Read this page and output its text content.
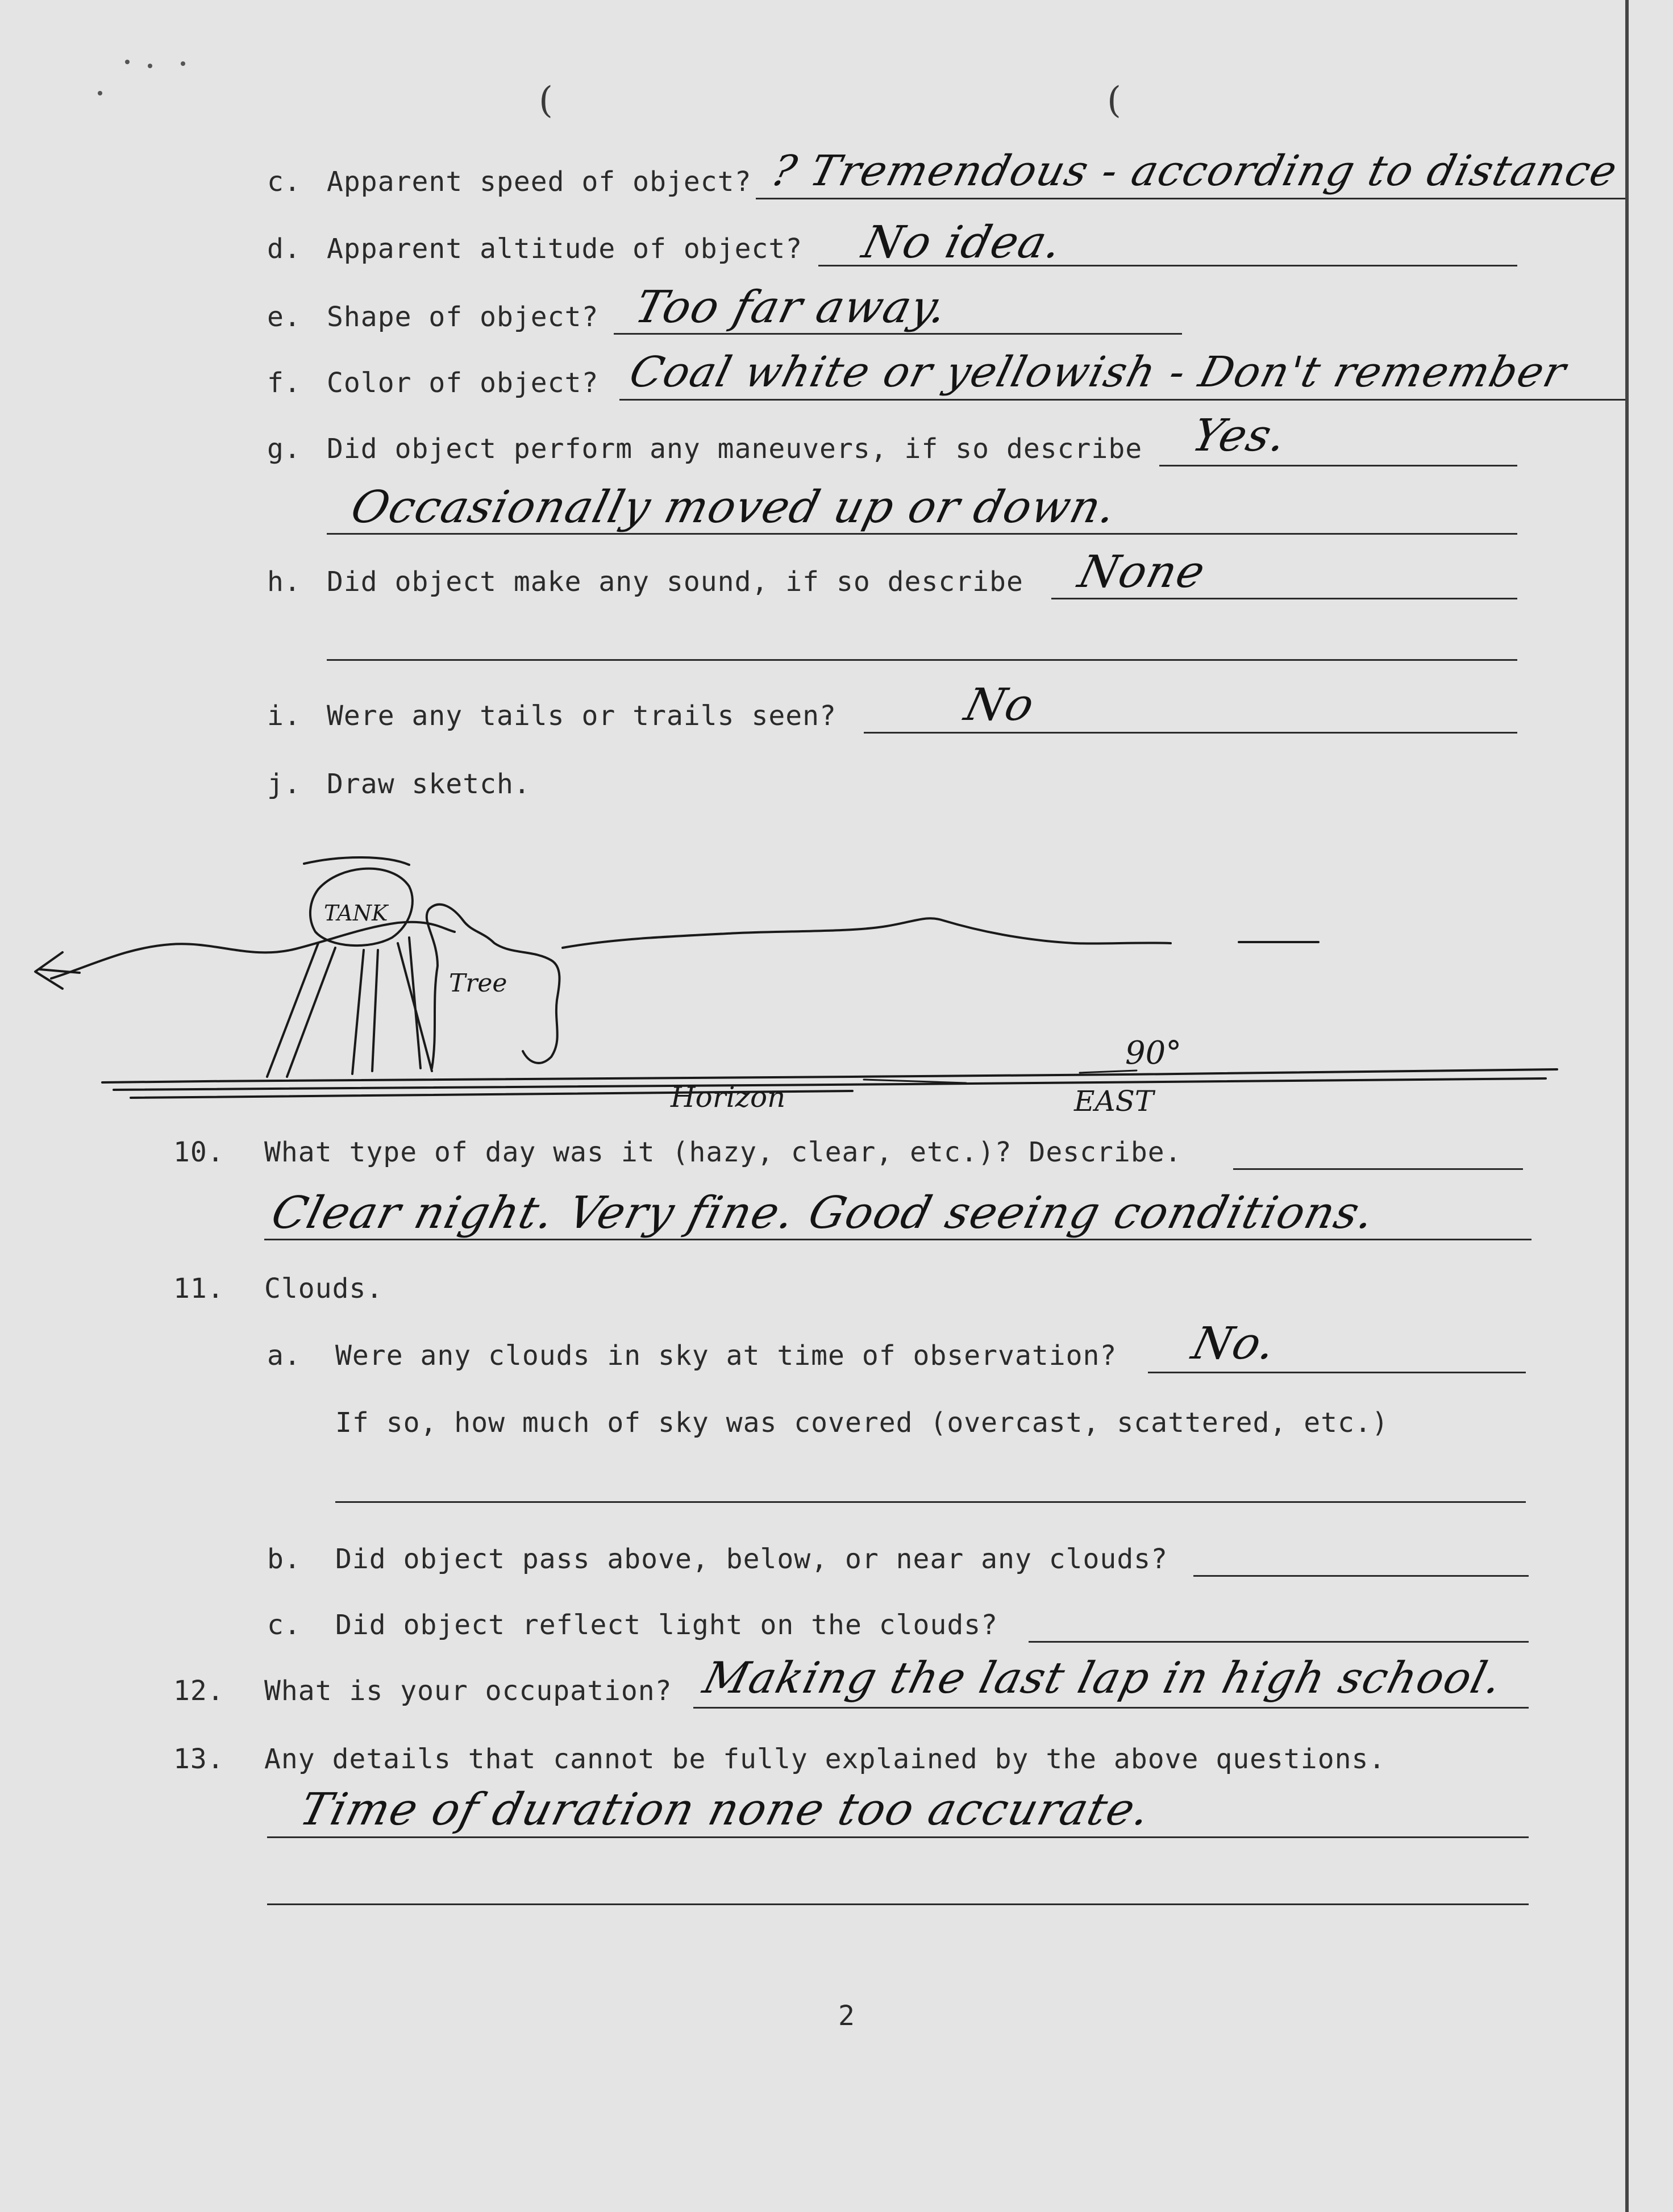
(	(
c. Apparent speed of object? ? Tremendous - according to distance
d. Apparent altitude of object? No idea.
e. Shape of object? Too far away.
f. Color of object? Coal white or yellowish - Don't remember
g. Did object perform any maneuvers, if so describe Yes.
Occasionally moved up or down.
h. Did object make any sound, if so describe None
i. Were any tails or trails seen?	No
j. Draw sketch.
TANK
Tree
Horizon
90°
EAST
10. What type of day was it (hazy, clear, etc.)? Describe.
Clear night. Very fine. Good seeing conditions.
11. Clouds.
a. Were any clouds in sky at time of observation? No.
If so, how much of sky was covered (overcast, scattered, etc.)
b. Did object pass above, below, or near any clouds?
c. Did object reflect light on the clouds?
12. What is your occupation? Making the last lap in high school.
13. Any details that cannot be fully explained by the above questions.
Time of duration none too accurate.
2
